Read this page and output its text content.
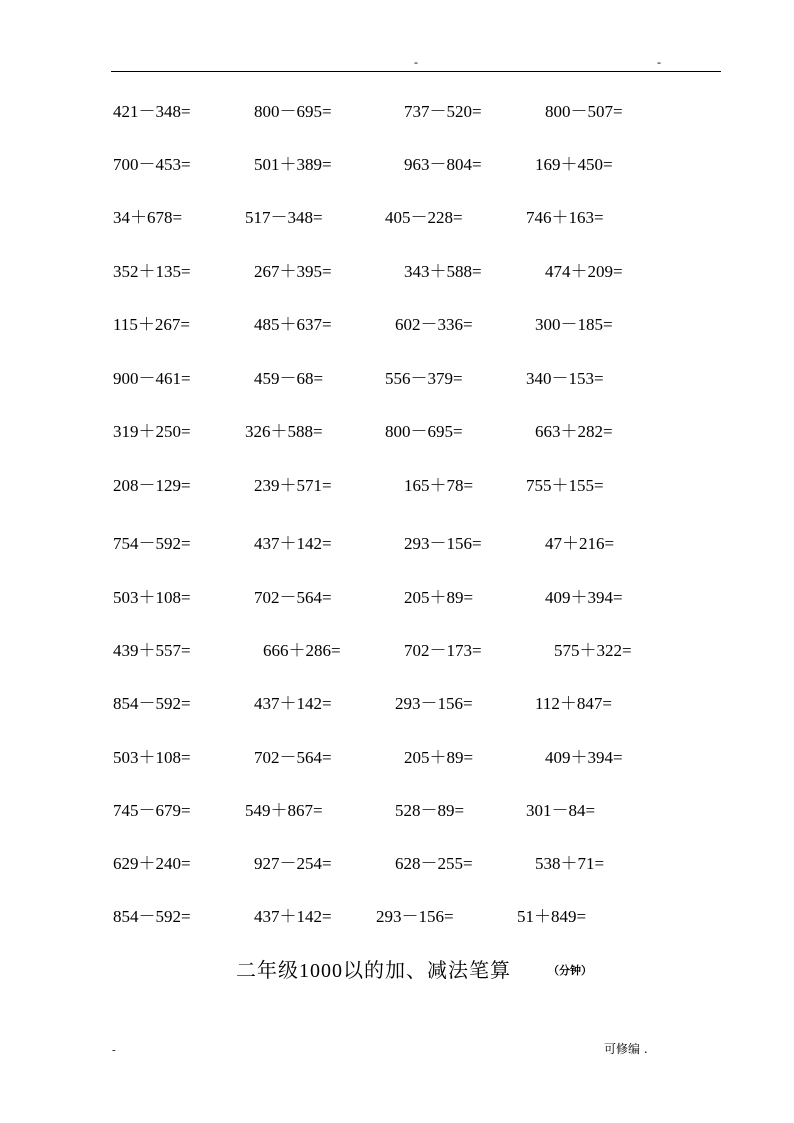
-	-
421－348=	800－695=	737－520=	800－507=
700－453=	501＋389=	963－804=	169＋450=
34＋678=	517－348=	405－228=	746＋163=
352＋135=	267＋395=	343＋588=	474＋209=
115＋267=	485＋637=	602－336=	300－185=
900－461=	459－68=	556－379=	340－153=
319＋250=	326＋588=	800－695=	663＋282=
208－129=	239＋571=	165＋78=	755＋155=
754－592=	437＋142=	293－156=	47＋216=
503＋108=	702－564=	205＋89=	409＋394=
439＋557=	666＋286=	702－173=	575＋322=
854－592=	437＋142=	293－156=	112＋847=
503＋108=	702－564=	205＋89=	409＋394=
745－679=	549＋867=	528－89=	301－84=
629＋240=	927－254=	628－255=	538＋71=
854－592=	437＋142=	293－156=	51＋849=
二年级1000以的加、减法笔算	（分钟）
-	可修编 .
